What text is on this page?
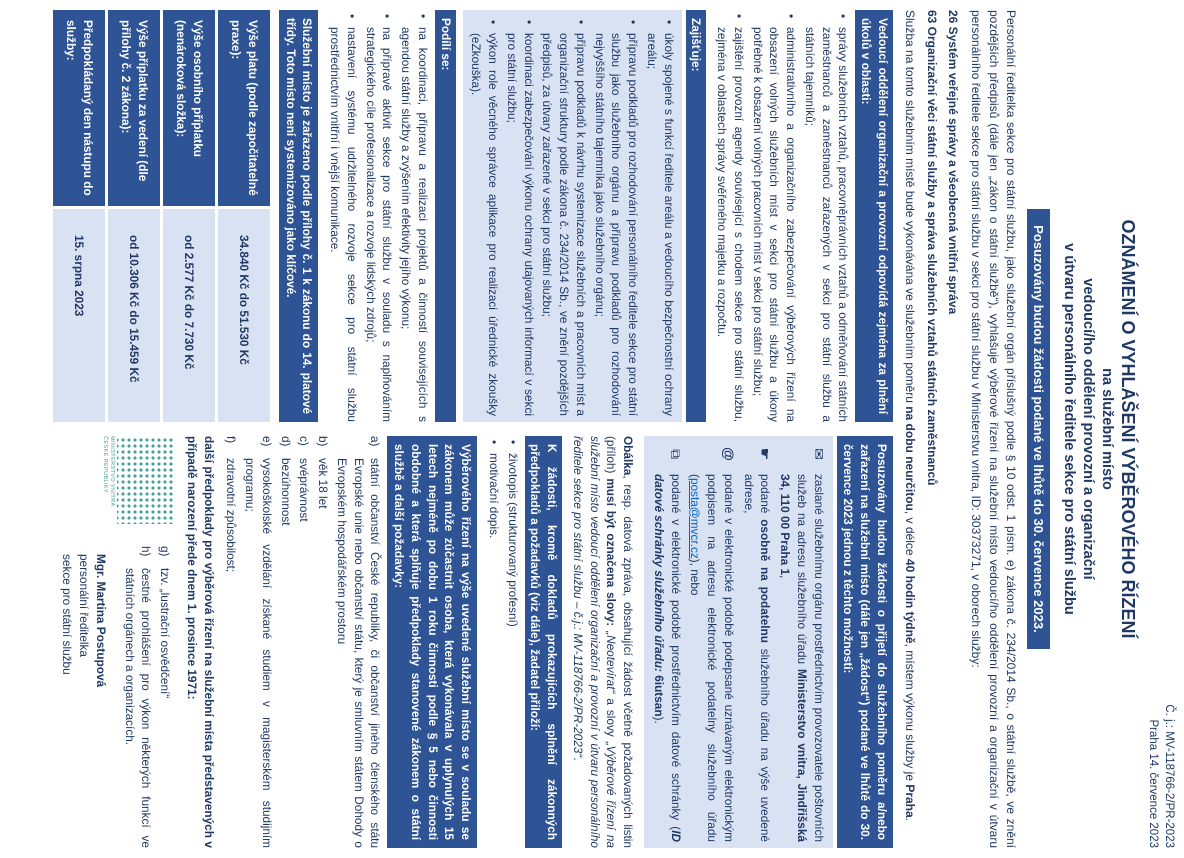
Č. j.: MV-118766-2/PR-2023
Praha 14. července 2023
OZNÁMENÍ O VYHLÁŠENÍ VÝBĚROVÉHO ŘÍZENÍ
na služební místo
vedoucí/ho oddělení provozní a organizační
v útvaru personálního ředitele sekce pro státní službu
Posuzovány budou žádosti podané ve lhůtě do 30. července 2023.

Personální ředitelka sekce pro státní službu, jako služební orgán příslušný podle § 10 odst. 1 písm. e) zákona č. 234/2014 Sb., o státní službě, ve znění pozdějších předpisů (dále jen „zákon o státní službě“), vyhlašuje výběrové řízení na služební místo vedoucí/ho oddělení provozní a organizační v útvaru personálního ředitele sekce pro státní službu v sekci pro státní službu v Ministerstvu vnitra, ID: 30373271, v oborech služby:

26 Systém veřejné správy a všeobecná vnitřní správa
63 Organizační věci státní služby a správa služebních vztahů státních zaměstnanců
Služba na tomto služebním místě bude vykonávána ve služebním poměru na dobu neurčitou, v délce 40 hodin týdně, místem výkonu služby je Praha.
Vedoucí oddělení organizační a provozní odpovídá zejména za plnění úkolů v oblasti:
• správy služebních vztahů, pracovněprávních vztahů a odměňování státních zaměstnanců a zaměstnanců zařazených v sekci pro státní službu a státních tajemníků;
• administrativního a organizačního zabezpečování výběrových řízení na obsazení volných služebních míst v sekci pro státní službu a úkony potřebné k obsazení volných pracovních míst v sekci pro státní službu;
• zajištění provozní agendy související s chodem sekce pro státní službu, zejména v oblastech správy svěřeného majetku a rozpočtu.
Zajišťuje:
• úkoly spojené s funkcí ředitele areálu a vedoucího bezpečnostní ochrany areálu;
• přípravu podkladů pro rozhodování personálního ředitele sekce pro státní službu jako služebního orgánu a přípravu podkladů pro rozhodování nejvyššího státního tajemníka jako služebního orgánu;
• přípravu podkladů k návrhu systemizace služebních a pracovních míst a organizační struktury podle zákona č. 234/2014 Sb., ve znění pozdějších předpisů, za útvary zařazené v sekci pro státní službu;
• koordinaci zabezpečování výkonu ochrany utajovaných informací v sekci pro státní službu;
• výkon role věcného správce aplikace pro realizaci úřednické zkoušky (eZkouška).
Podílí se:
• na koordinaci, přípravu a realizaci projektů a činností souvisejících s agendou státní služby a zvýšením efektivity jejího výkonu;
• na přípravě aktivit sekce pro státní službu v souladu s naplňováním strategického cíle profesionalizace a rozvoje lidských zdrojů;
• nastavení systému udržitelného rozvoje sekce pro státní službu prostřednictvím vnitřní i vnější komunikace.
Služební místo je zařazeno podle přílohy č. 1 k zákonu do 14. platové třídy. Toto místo není systemizováno jako klíčové.
Výše platu (podle započitatelné praxe):
34.840 Kč do 51.530 Kč
Výše osobního příplatku (nenároková složka):
od 2.577 Kč do 7.730 Kč
Výše příplatku za vedení (dle přílohy č. 2 zákona):
od 10.306 Kč do 15.459 Kč
Předpokládaný den nástupu do služby:
15. srpna 2023
Posuzovány budou žádosti o přijetí do služebního poměru a/nebo zařazení na služební místo (dále jen „žádost“) podané ve lhůtě do 30. července 2023 jednou z těchto možností:
✉
zaslané služebnímu orgánu prostřednictvím provozovatele poštovních služeb na adresu služebního úřadu Ministerstvo vnitra, Jindřišská 34, 110 00 Praha 1,
☛
podané osobně na podatelnu služebního úřadu na výše uvedené adrese,
@
podané v elektronické podobě podepsané uznávaným elektronickým podpisem na adresu elektronické podatelny služebního úřadu (posta@mvcr.cz), nebo
⧉
podané v elektronické podobě prostřednictvím datové schránky (ID datové schránky služebního úřadu: 6iutsan).
Obálka, resp. datová zpráva, obsahující žádost včetně požadovaných listin (příloh) musí být označena slovy: „Neotevírat“ a slovy „Výběrové řízení na služební místo vedoucí oddělení organizační a provozní v útvaru personálního ředitele sekce pro státní službu – č.j.: MV-118766-2/PR-2023“.
K žádosti, kromě dokladů prokazujících splnění zákonných předpokladů a požadavků (viz dále), žadatel přiloží:
• životopis (strukturovaný profesní)
• motivační dopis.
Výběrového řízení na výše uvedené služební místo se v souladu se zákonem může zúčastnit osoba, která vykonávala v uplynulých 15 letech nejméně po dobu 1 roku činnosti podle § 5 nebo činnosti obdobné a která splňuje předpoklady stanovené zákonem o státní službě a další požadavky:
a)
státní občanství České republiky, či občanství jiného členského státu Evropské unie nebo občanství státu, který je smluvním státem Dohody o Evropském hospodářském prostoru
b)
věk 18 let
c)
svéprávnost
d)
bezúhonnost
e)
vysokoškolské vzdělání získané studiem v magisterském studijním programu;
f)
zdravotní způsobilost;
další předpoklady pro výběrová řízení na služební místa představených v případě narození přede dnem 1. prosince 1971:
MINISTERSTVO VNITRA
ČESKÉ REPUBLIKY
g)
tzv. „lustrační osvědčení“
h)
čestné prohlášení pro výkon některých funkcí ve státních orgánech a organizacích.
Mgr. Martina Postupová
personální ředitelka
sekce pro státní službu
